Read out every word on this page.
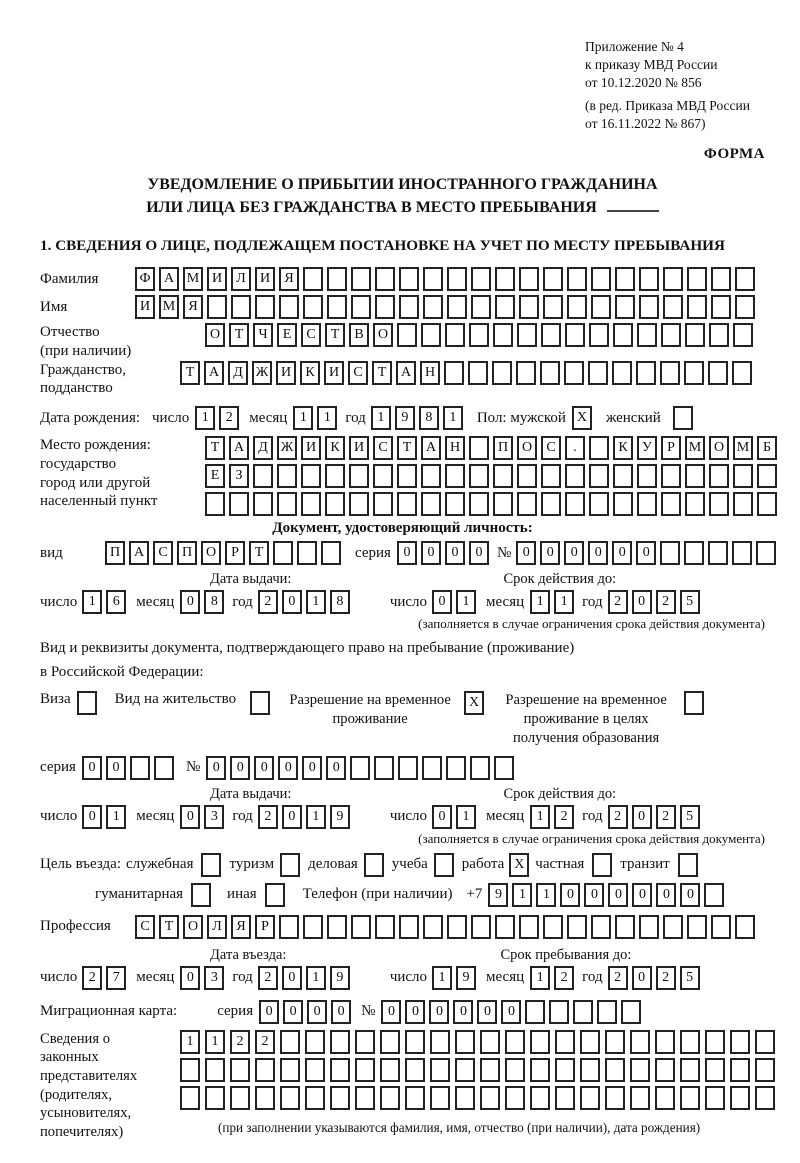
Приложение № 4
к приказу МВД России
от 10.12.2020 № 856
(в ред. Приказа МВД России
от 16.11.2022 № 867)
ФОРМА
УВЕДОМЛЕНИЕ О ПРИБЫТИИ ИНОСТРАННОГО ГРАЖДАНИНА
ИЛИ ЛИЦА БЕЗ ГРАЖДАНСТВА В МЕСТО ПРЕБЫВАНИЯ
1. СВЕДЕНИЯ О ЛИЦЕ, ПОДЛЕЖАЩЕМ ПОСТАНОВКЕ НА УЧЕТ ПО МЕСТУ ПРЕБЫВАНИЯ
Фамилия	Ф А М И	Л	И	Я
Имя	И М Я
Отчество
(при наличии)
О	Т	Ч	Е	С	Т	В	О
Гражданство,
подданство
Т	А	Д Ж И	К	И	С	Т	А Н
Дата рождения: число 1	2	месяц 1	1 год 1	9	8	1	Пол: мужской X	женский
Место рождения:
государство
город или другой
населенный пункт
Т	А	Д Ж И	К	И	С	Т	А Н	П О	С	.	К	У	Р М О М Б
Е	З
Документ, удостоверяющий личность:
вид	П А	С	П О	Р	Т	серия 0	0	0	0 № 0	0	0	0	0	0
Дата выдачи:	Срок действия до:
число 1	6	месяц 0	8 год 2	0	1	8	число 0	1	месяц 1	1 год 2	0	2	5
(заполняется в случае ограничения срока действия документа)
Вид и реквизиты документа, подтверждающего право на пребывание (проживание)
в Российской Федерации:
Виза	Вид на жительство	Разрешение на временное проживание
X	Разрешение на временное проживание в целях получения образования
серия 0	0	№ 0	0	0	0	0	0
Дата выдачи:	Срок действия до:
число 0	1	месяц 0	3 год 2	0	1	9	число 0	1	месяц 1	2 год 2	0	2	5
(заполняется в случае ограничения срока действия документа)
Цель въезда: служебная туризм деловая учеба работа X частная транзит
гуманитарная	иная	Телефон (при наличии) +7 9	1	1	0	0	0	0	0	0
Профессия	С	Т	О	Л	Я	Р
Дата въезда:	Срок пребывания до:
число 2	7	месяц 0	3 год 2	0	1	9	число 1	9	месяц 1	2 год 2	0	2	5
Миграционная карта:	серия 0	0	0	0	№ 0	0	0	0	0	0
Сведения о
законных
представителях
(родителях,
усыновителях,
попечителях)
1	1	2	2
(при заполнении указываются фамилия, имя, отчество (при наличии), дата рождения)
